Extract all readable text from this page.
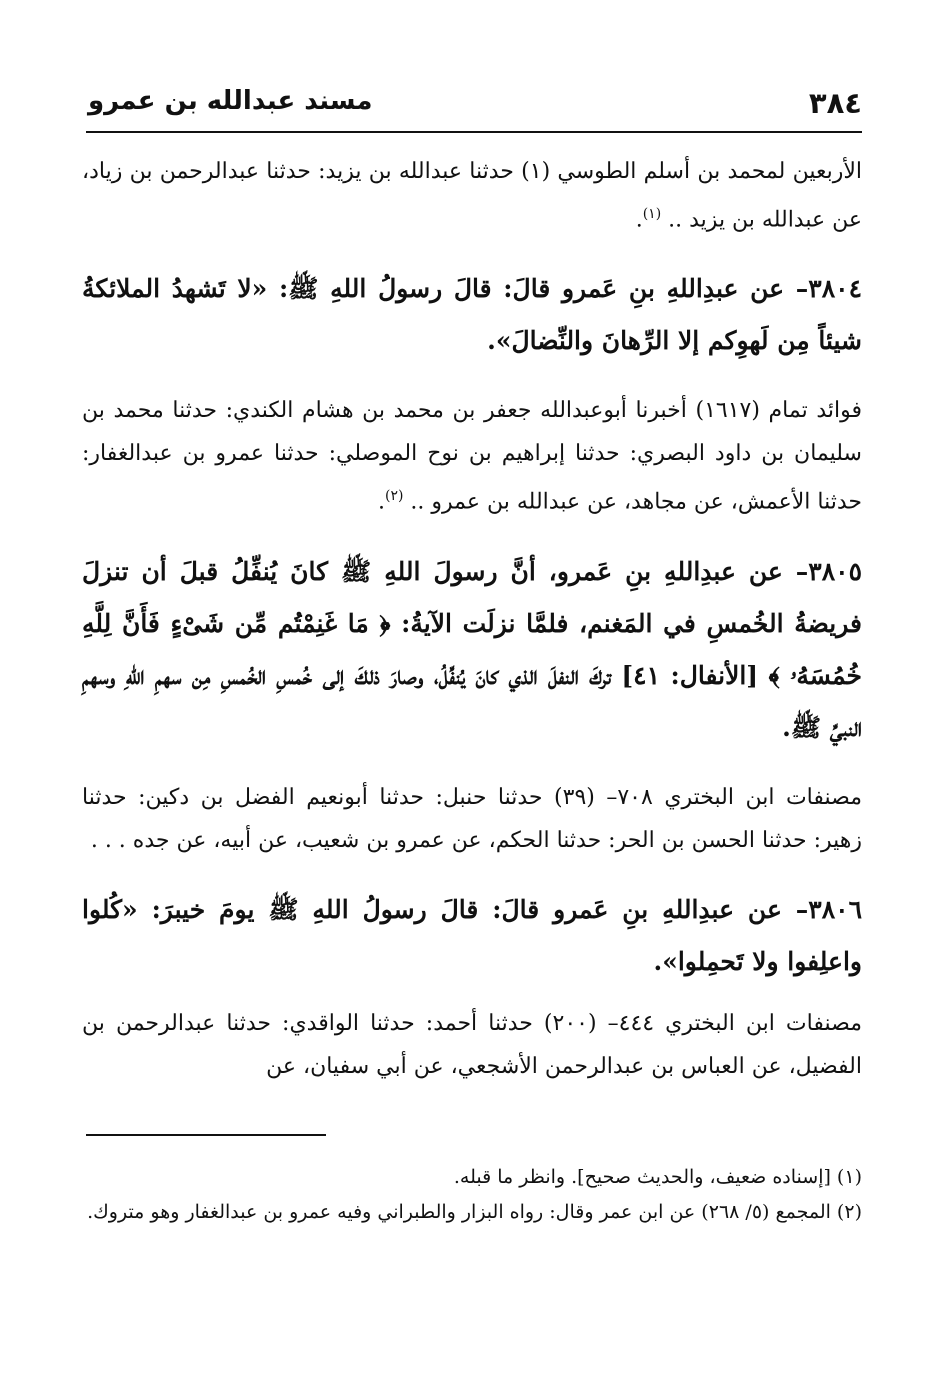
٣٨٤
مسند عبدالله بن عمرو

الأربعين لمحمد بن أسلم الطوسي (١) حدثنا عبدالله بن يزيد: حدثنا عبدالرحمن بن زياد، عن عبدالله بن يزيد .. $^{(١)}$.

٣٨٠٤– عن عبدِاللهِ بنِ عَمرو قالَ: قالَ رسولُ اللهِ ﷺ: «لا تَشهدُ الملائكةُ شيئاً مِن لَهوِكم إلا الرِّهانَ والنِّضالَ».

فوائد تمام (١٦١٧) أخبرنا أبوعبدالله جعفر بن محمد بن هشام الكندي: حدثنا محمد بن سليمان بن داود البصري: حدثنا إبراهيم بن نوح الموصلي: حدثنا عمرو بن عبدالغفار: حدثنا الأعمش، عن مجاهد، عن عبدالله بن عمرو .. $^{(٢)}$.

٣٨٠٥– عن عبدِاللهِ بنِ عَمرو، أنَّ رسولَ اللهِ ﷺ كانَ يُنفِّلُ قبلَ أن تنزلَ فريضةُ الخُمسِ في المَغنم، فلمَّا نزلَت الآيةُ: ﴿ مَا غَنِمْتُم مِّن شَىْءٍ فَأَنَّ لِلَّهِ خُمُسَهُۥ ﴾ [الأنفال: ٤١] تركَ النفلَ الذي كانَ يُنفِّلُ، وصارَ ذلكَ إلى خُمسِ الخُمسِ مِن سهمِ اللهِ وسهمِ النبيِّ ﷺ.

مصنفات ابن البختري ٧٠٨– (٣٩) حدثنا حنبل: حدثنا أبونعيم الفضل بن دكين: حدثنا زهير: حدثنا الحسن بن الحر: حدثنا الحكم، عن عمرو بن شعيب، عن أبيه، عن جده . . .

٣٨٠٦– عن عبدِاللهِ بنِ عَمرو قالَ: قالَ رسولُ اللهِ ﷺ يومَ خيبرَ: «كُلوا واعلِفوا ولا تَحمِلوا».

مصنفات ابن البختري ٤٤٤– (٢٠٠) حدثنا أحمد: حدثنا الواقدي: حدثنا عبدالرحمن بن الفضيل، عن العباس بن عبدالرحمن الأشجعي، عن أبي سفيان، عن

(١) [إسناده ضعيف، والحديث صحيح]. وانظر ما قبله.

(٢) المجمع (٥/ ٢٦٨) عن ابن عمر وقال: رواه البزار والطبراني وفيه عمرو بن عبدالغفار وهو متروك.
